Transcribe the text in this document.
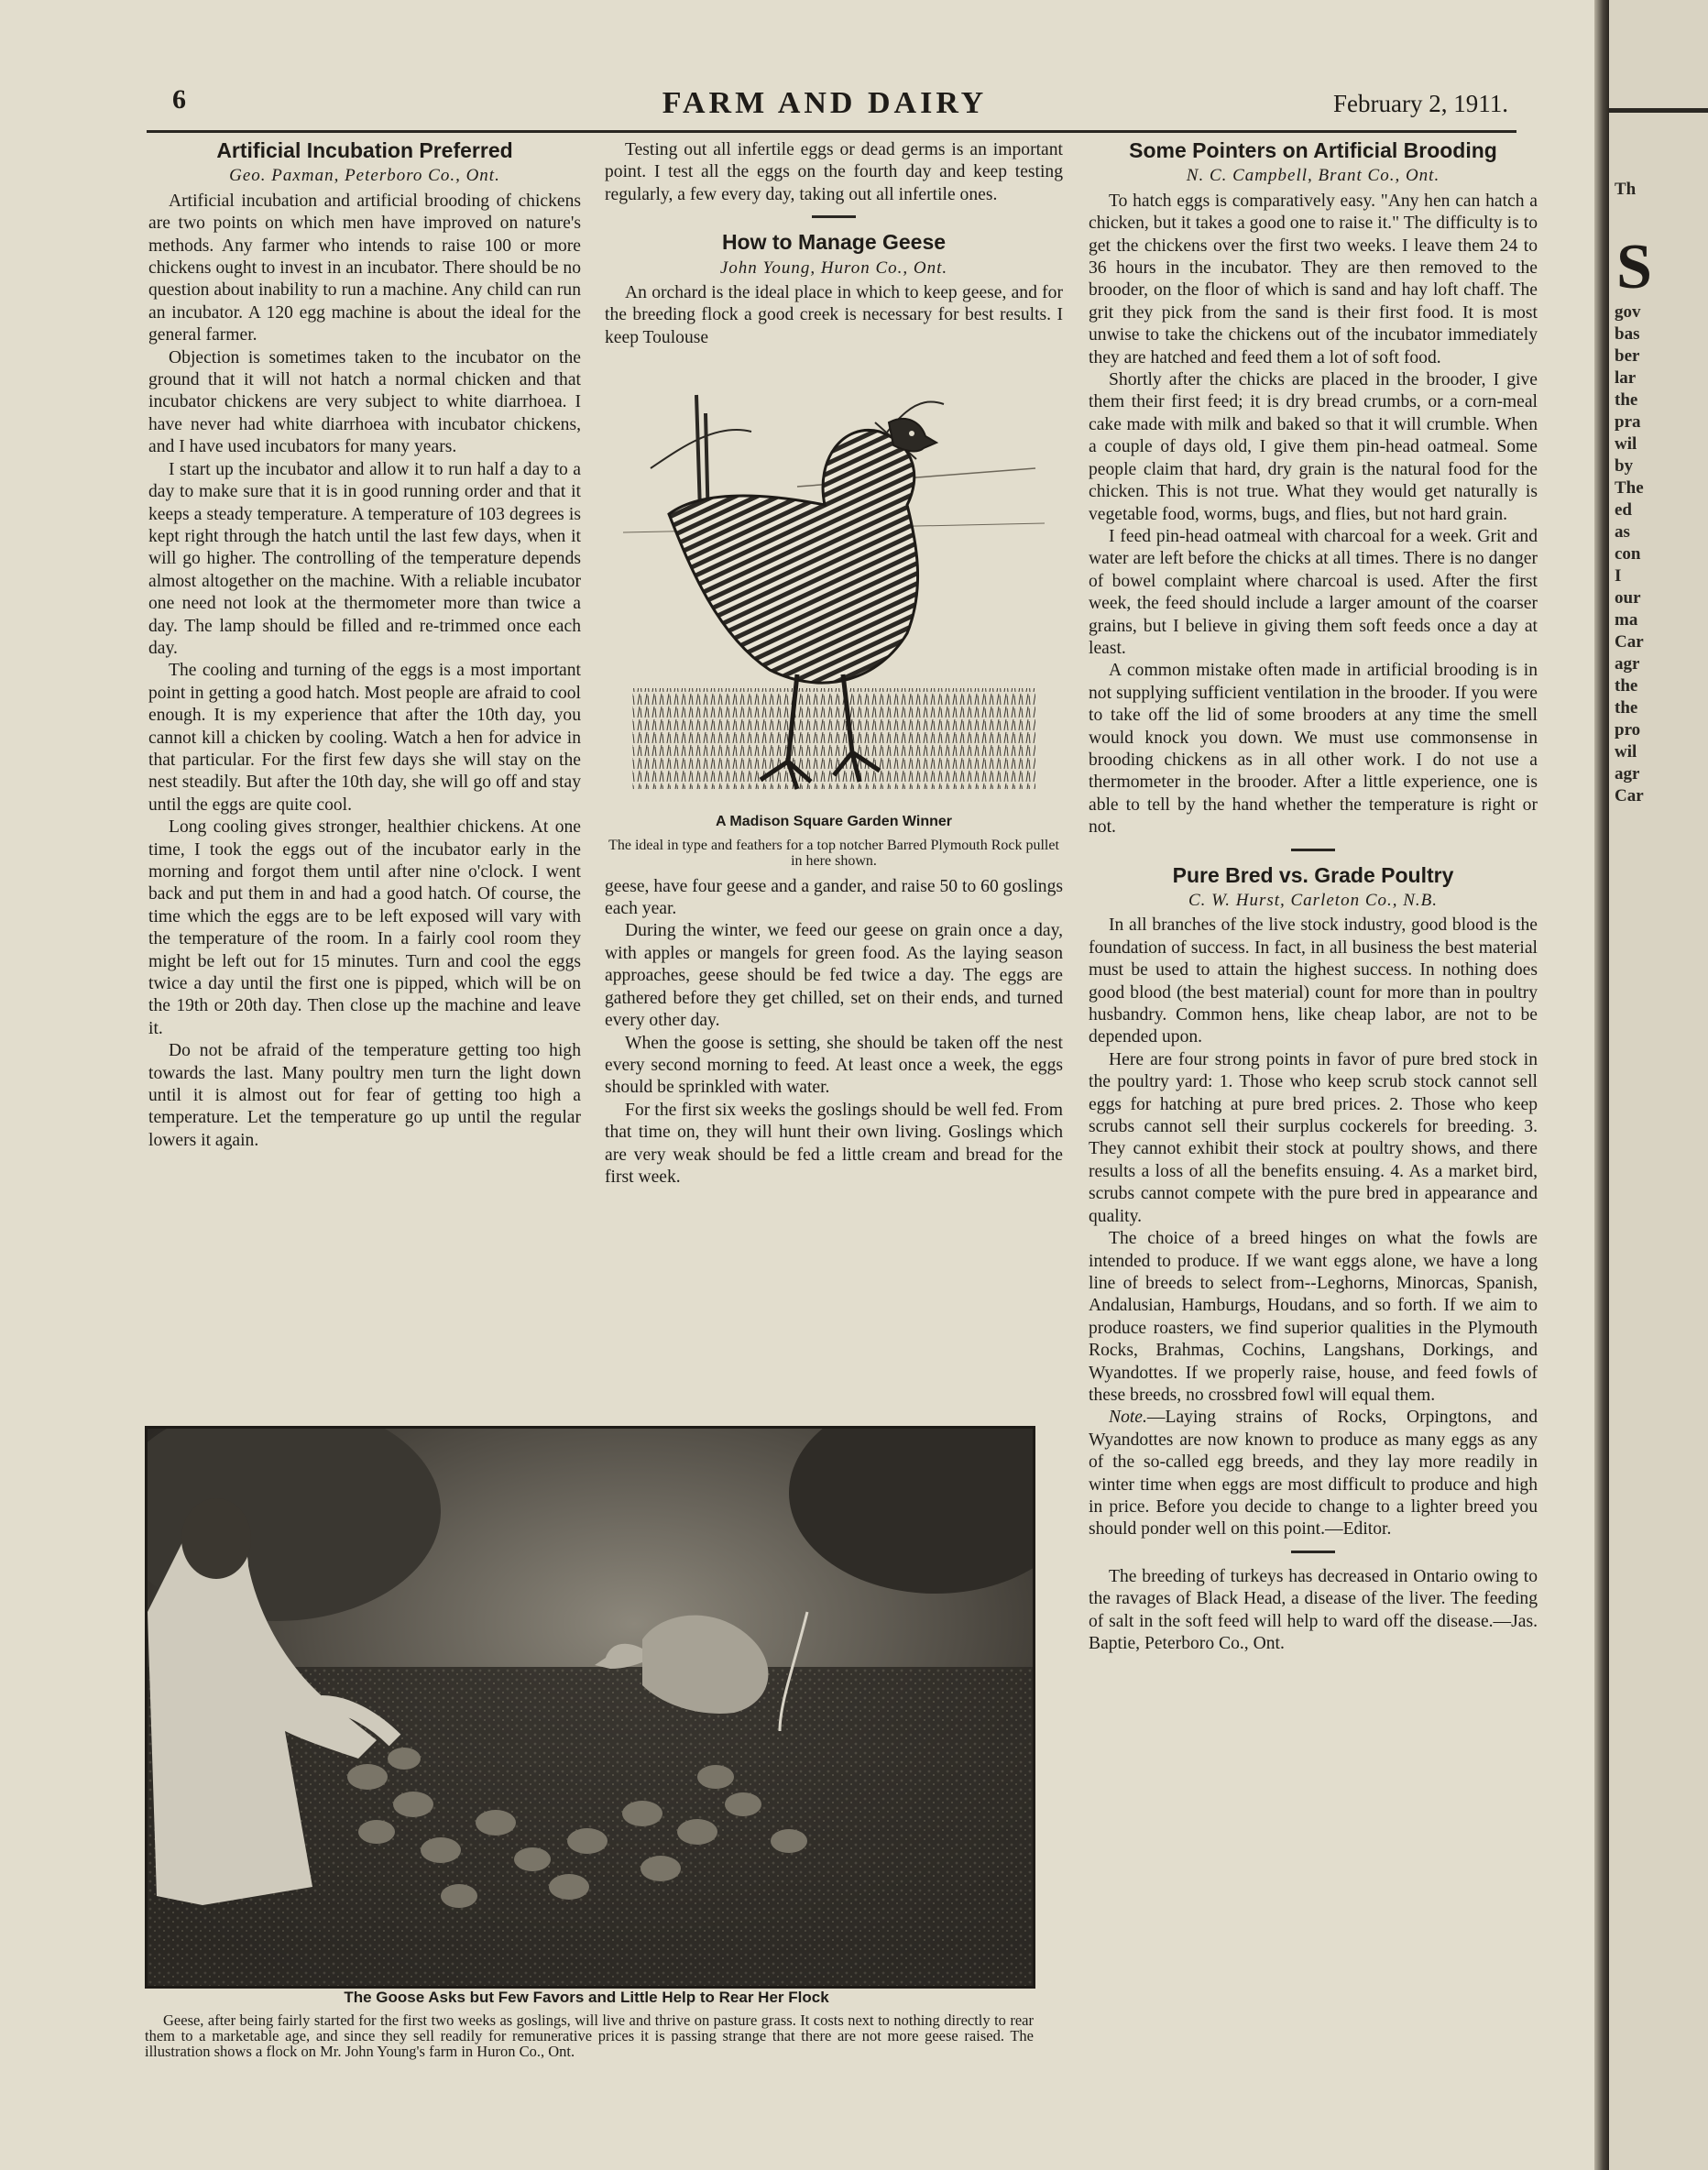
6	FARM AND DAIRY	February 2, 1911.
Artificial Incubation Preferred
Geo. Paxman, Peterboro Co., Ont.

Artificial incubation and artificial brooding of chickens are two points on which men have improved on nature's methods. Any farmer who intends to raise 100 or more chickens ought to invest in an incubator. There should be no question about inability to run a machine. Any child can run an incubator. A 120 egg machine is about the ideal for the general farmer.

Objection is sometimes taken to the incubator on the ground that it will not hatch a normal chicken and that incubator chickens are very subject to white diarrhoea. I have never had white diarrhoea with incubator chickens, and I have used incubators for many years.

I start up the incubator and allow it to run half a day to a day to make sure that it is in good running order and that it keeps a steady temperature. A temperature of 103 degrees is kept right through the hatch until the last few days, when it will go higher. The controlling of the temperature depends almost altogether on the machine. With a reliable incubator one need not look at the thermometer more than twice a day. The lamp should be filled and re-trimmed once each day.

The cooling and turning of the eggs is a most important point in getting a good hatch. Most people are afraid to cool enough. It is my experience that after the 10th day, you cannot kill a chicken by cooling. Watch a hen for advice in that particular. For the first few days she will stay on the nest steadily. But after the 10th day, she will go off and stay until the eggs are quite cool.

Long cooling gives stronger, healthier chickens. At one time, I took the eggs out of the incubator early in the morning and forgot them until after nine o'clock. I went back and put them in and had a good hatch. Of course, the time which the eggs are to be left exposed will vary with the temperature of the room. In a fairly cool room they might be left out for 15 minutes. Turn and cool the eggs twice a day until the first one is pipped, which will be on the 19th or 20th day. Then close up the machine and leave it.

Do not be afraid of the temperature getting too high towards the last. Many poultry men turn the light down until it is almost out for fear of getting too high a temperature. Let the temperature go up until the regular lowers it again.

Testing out all infertile eggs or dead germs is an important point. I test all the eggs on the fourth day and keep testing regularly, a few every day, taking out all infertile ones.

How to Manage Geese
John Young, Huron Co., Ont.

An orchard is the ideal place in which to keep geese, and for the breeding flock a good creek is necessary for best results. I keep Toulouse

A Madison Square Garden Winner
The ideal in type and feathers for a top notcher Barred Plymouth Rock pullet in here shown.

geese, have four geese and a gander, and raise 50 to 60 goslings each year.

During the winter, we feed our geese on grain once a day, with apples or mangels for green food. As the laying season approaches, geese should be fed twice a day. The eggs are gathered before they get chilled, set on their ends, and turned every other day.

When the goose is setting, she should be taken off the nest every second morning to feed. At least once a week, the eggs should be sprinkled with water.

For the first six weeks the goslings should be well fed. From that time on, they will hunt their own living. Goslings which are very weak should be fed a little cream and bread for the first week.

Some Pointers on Artificial Brooding
N. C. Campbell, Brant Co., Ont.

To hatch eggs is comparatively easy. "Any hen can hatch a chicken, but it takes a good one to raise it." The difficulty is to get the chickens over the first two weeks. I leave them 24 to 36 hours in the incubator. They are then removed to the brooder, on the floor of which is sand and hay loft chaff. The grit they pick from the sand is their first food. It is most unwise to take the chickens out of the incubator immediately they are hatched and feed them a lot of soft food.

Shortly after the chicks are placed in the brooder, I give them their first feed; it is dry bread crumbs, or a corn-meal cake made with milk and baked so that it will crumble. When a couple of days old, I give them pin-head oatmeal. Some people claim that hard, dry grain is the natural food for the chicken. This is not true. What they would get naturally is vegetable food, worms, bugs, and flies, but not hard grain.

I feed pin-head oatmeal with charcoal for a week. Grit and water are left before the chicks at all times. There is no danger of bowel complaint where charcoal is used. After the first week, the feed should include a larger amount of the coarser grains, but I believe in giving them soft feeds once a day at least.

A common mistake often made in artificial brooding is in not supplying sufficient ventilation in the brooder. If you were to take off the lid of some brooders at any time the smell would knock you down. We must use commonsense in brooding chickens as in all other work. I do not use a thermometer in the brooder. After a little experience, one is able to tell by the hand whether the temperature is right or not.

Pure Bred vs. Grade Poultry
C. W. Hurst, Carleton Co., N.B.

In all branches of the live stock industry, good blood is the foundation of success. In fact, in all business the best material must be used to attain the highest success. In nothing does good blood (the best material) count for more than in poultry husbandry. Common hens, like cheap labor, are not to be depended upon.

Here are four strong points in favor of pure bred stock in the poultry yard: 1. Those who keep scrub stock cannot sell eggs for hatching at pure bred prices. 2. Those who keep scrubs cannot sell their surplus cockerels for breeding. 3. They cannot exhibit their stock at poultry shows, and there results a loss of all the benefits ensuing. 4. As a market bird, scrubs cannot compete with the pure bred in appearance and quality.

The choice of a breed hinges on what the fowls are intended to produce. If we want eggs alone, we have a long line of breeds to select from--Leghorns, Minorcas, Spanish, Andalusian, Hamburgs, Houdans, and so forth. If we aim to produce roasters, we find superior qualities in the Plymouth Rocks, Brahmas, Cochins, Langshans, Dorkings, and Wyandottes. If we properly raise, house, and feed fowls of these breeds, no crossbred fowl will equal them.

Note.—Laying strains of Rocks, Orpingtons, and Wyandottes are now known to produce as many eggs as any of the so-called egg breeds, and they lay more readily in winter time when eggs are most difficult to produce and high in price. Before you decide to change to a lighter breed you should ponder well on this point.—Editor.

The breeding of turkeys has decreased in Ontario owing to the ravages of Black Head, a disease of the liver. The feeding of salt in the soft feed will help to ward off the disease.—Jas. Baptie, Peterboro Co., Ont.

The Goose Asks but Few Favors and Little Help to Rear Her Flock
Geese, after being fairly started for the first two weeks as goslings, will live and thrive on pasture grass. It costs next to nothing directly to rear them to a marketable age, and since they sell readily for remunerative prices it is passing strange that there are not more geese raised. The illustration shows a flock on Mr. John Young's farm in Huron Co., Ont.
Th
S
gov
bas
ber
lar
the
pra
wil
by
The
ed
as
con
I
our
ma
Car
agr
the
the
pro
wil
agr
Car
